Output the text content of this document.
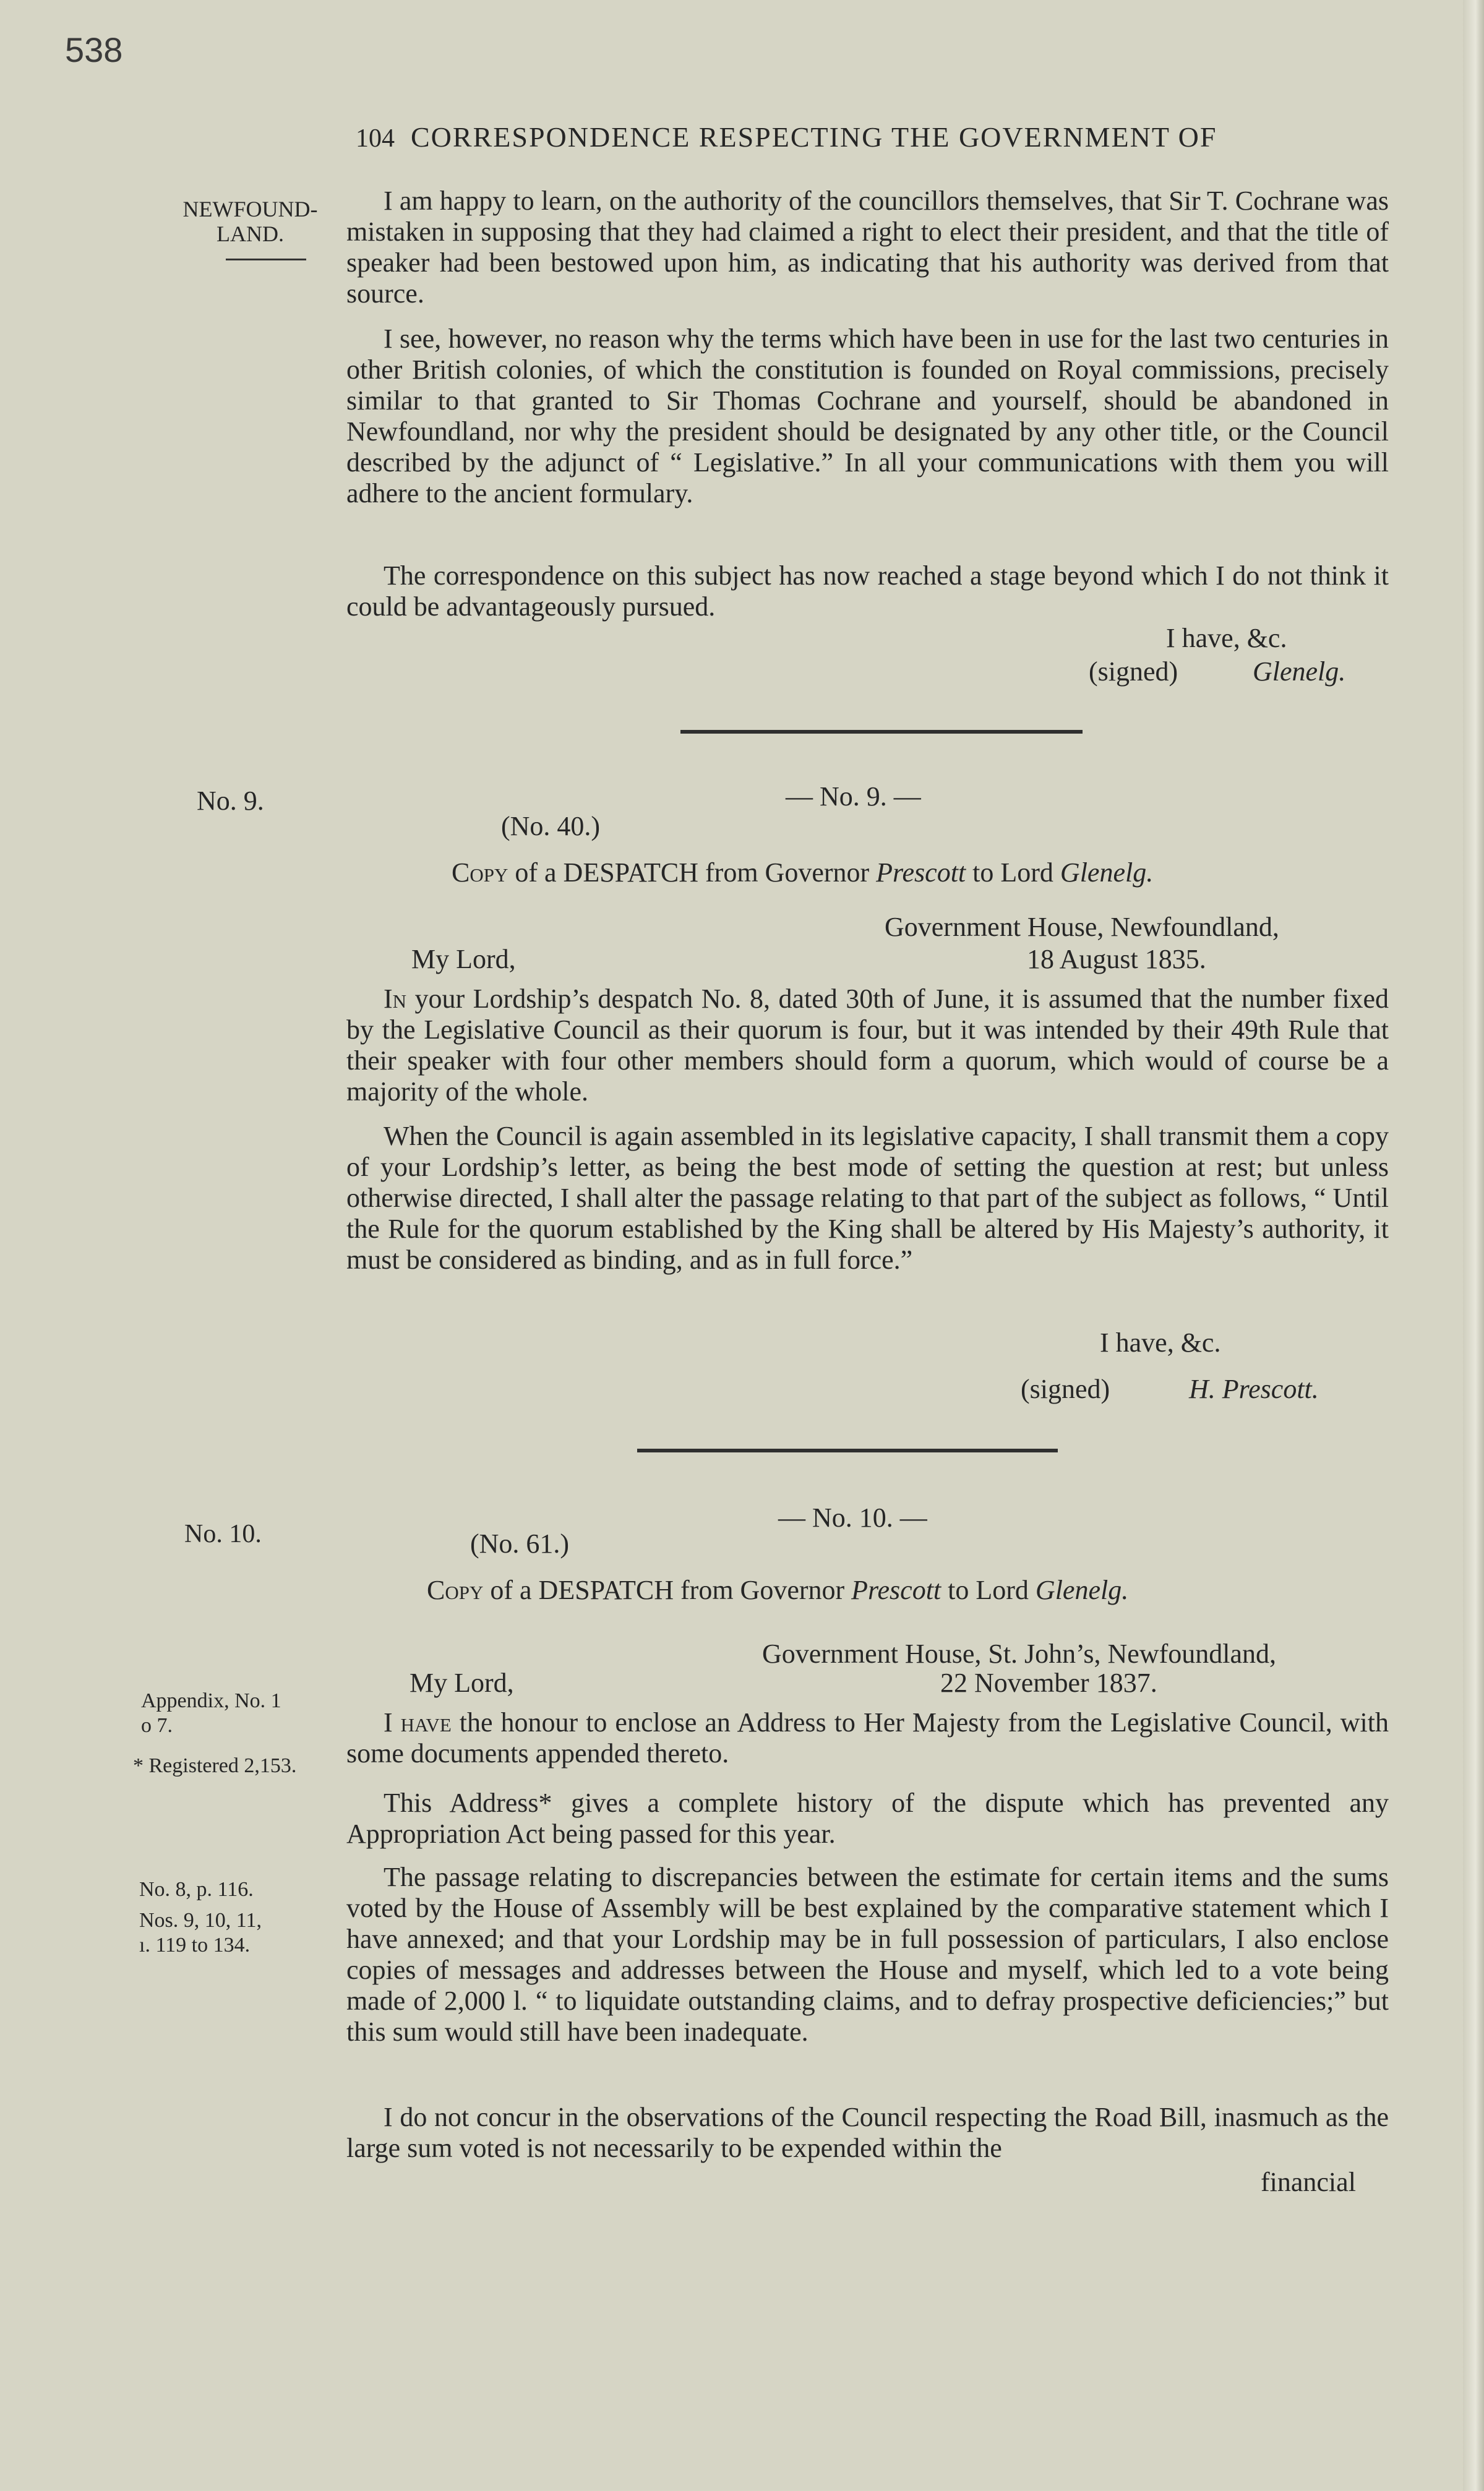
538
104 CORRESPONDENCE RESPECTING THE GOVERNMENT OF
NEWFOUND-
LAND.
No. 9.
No. 10.
Appendix, No. 1
o 7.
* Registered 2,153.
No. 8, p. 116.
Nos. 9, 10, 11,
ı. 119 to 134.

I am happy to learn, on the authority of the councillors themselves, that Sir T. Cochrane was mistaken in supposing that they had claimed a right to elect their president, and that the title of speaker had been bestowed upon him, as indicating that his authority was derived from that source.

I see, however, no reason why the terms which have been in use for the last two centuries in other British colonies, of which the constitution is founded on Royal commissions, precisely similar to that granted to Sir Thomas Cochrane and yourself, should be abandoned in Newfoundland, nor why the president should be designated by any other title, or the Council described by the adjunct of “ Legislative.” In all your communications with them you will adhere to the ancient formulary.

The correspondence on this subject has now reached a stage beyond which I do not think it could be advantageously pursued.

I have, &c.
(signed)	Glenelg.
— No. 9. —
(No. 40.)
Copy of a DESPATCH from Governor Prescott to Lord Glenelg.
Government House, Newfoundland,
My Lord,	18 August 1835.

In your Lordship’s despatch No. 8, dated 30th of June, it is assumed that the number fixed by the Legislative Council as their quorum is four, but it was intended by their 49th Rule that their speaker with four other members should form a quorum, which would of course be a majority of the whole.

When the Council is again assembled in its legislative capacity, I shall transmit them a copy of your Lordship’s letter, as being the best mode of setting the question at rest; but unless otherwise directed, I shall alter the passage relating to that part of the subject as follows, “ Until the Rule for the quorum established by the King shall be altered by His Majesty’s authority, it must be considered as binding, and as in full force.”

I have, &c.
(signed)	H. Prescott.
— No. 10. —
(No. 61.)
Copy of a DESPATCH from Governor Prescott to Lord Glenelg.
Government House, St. John’s, Newfoundland,
My Lord,	22 November 1837.

I have the honour to enclose an Address to Her Majesty from the Legislative Council, with some documents appended thereto.

This Address* gives a complete history of the dispute which has prevented any Appropriation Act being passed for this year.

The passage relating to discrepancies between the estimate for certain items and the sums voted by the House of Assembly will be best explained by the comparative statement which I have annexed; and that your Lordship may be in full possession of particulars, I also enclose copies of messages and addresses between the House and myself, which led to a vote being made of 2,000 l. “ to liquidate outstanding claims, and to defray prospective deficiencies;” but this sum would still have been inadequate.

I do not concur in the observations of the Council respecting the Road Bill, inasmuch as the large sum voted is not necessarily to be expended within the

financial
